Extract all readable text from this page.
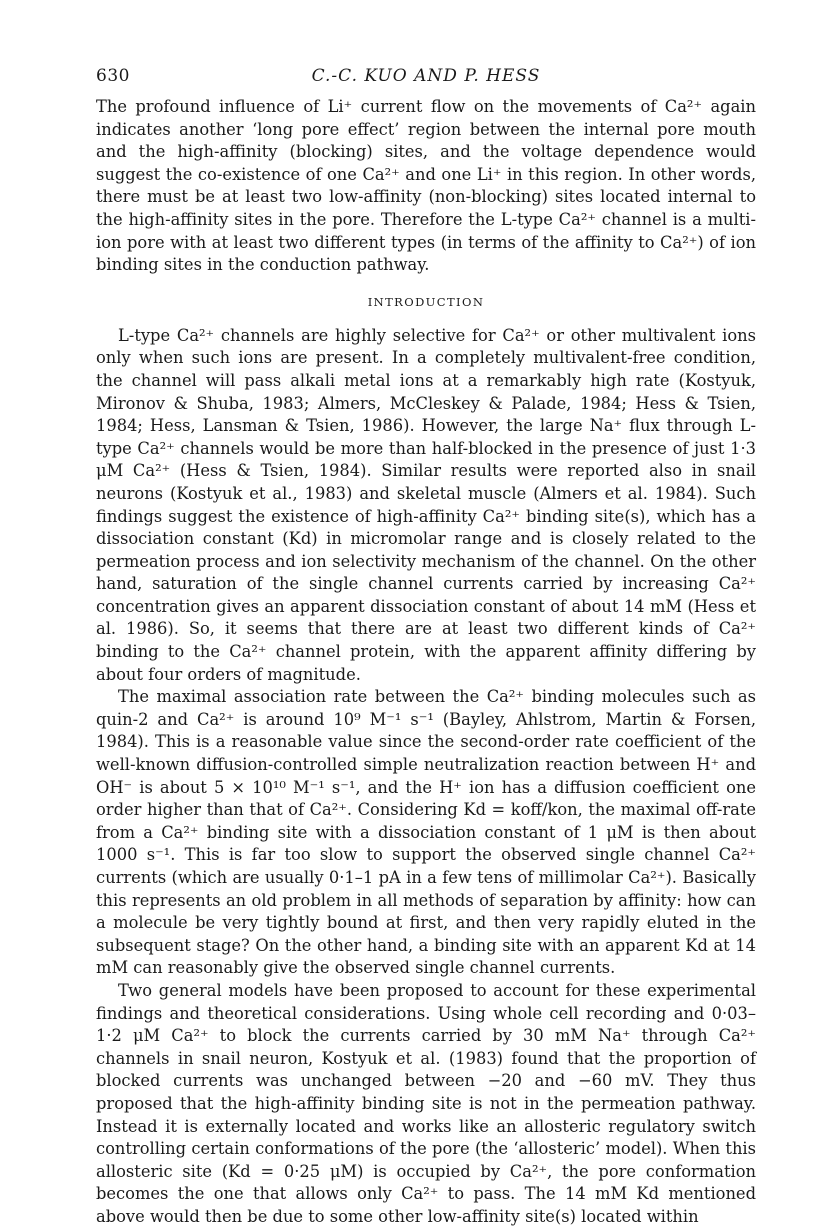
630	C.-C. KUO AND P. HESS

The profound influence of Li⁺ current flow on the movements of Ca²⁺ again indicates another ‘long pore effect’ region between the internal pore mouth and the high-affinity (blocking) sites, and the voltage dependence would suggest the co-existence of one Ca²⁺ and one Li⁺ in this region. In other words, there must be at least two low-affinity (non-blocking) sites located internal to the high-affinity sites in the pore. Therefore the L-type Ca²⁺ channel is a multi-ion pore with at least two different types (in terms of the affinity to Ca²⁺) of ion binding sites in the conduction pathway.

INTRODUCTION

L-type Ca²⁺ channels are highly selective for Ca²⁺ or other multivalent ions only when such ions are present. In a completely multivalent-free condition, the channel will pass alkali metal ions at a remarkably high rate (Kostyuk, Mironov & Shuba, 1983; Almers, McCleskey & Palade, 1984; Hess & Tsien, 1984; Hess, Lansman & Tsien, 1986). However, the large Na⁺ flux through L-type Ca²⁺ channels would be more than half-blocked in the presence of just 1·3 μM Ca²⁺ (Hess & Tsien, 1984). Similar results were reported also in snail neurons (Kostyuk et al., 1983) and skeletal muscle (Almers et al. 1984). Such findings suggest the existence of high-affinity Ca²⁺ binding site(s), which has a dissociation constant (Kd) in micromolar range and is closely related to the permeation process and ion selectivity mechanism of the channel. On the other hand, saturation of the single channel currents carried by increasing Ca²⁺ concentration gives an apparent dissociation constant of about 14 mM (Hess et al. 1986). So, it seems that there are at least two different kinds of Ca²⁺ binding to the Ca²⁺ channel protein, with the apparent affinity differing by about four orders of magnitude.

The maximal association rate between the Ca²⁺ binding molecules such as quin-2 and Ca²⁺ is around 10⁹ M⁻¹ s⁻¹ (Bayley, Ahlstrom, Martin & Forsen, 1984). This is a reasonable value since the second-order rate coefficient of the well-known diffusion-controlled simple neutralization reaction between H⁺ and OH⁻ is about 5 × 10¹⁰ M⁻¹ s⁻¹, and the H⁺ ion has a diffusion coefficient one order higher than that of Ca²⁺. Considering Kd = koff/kon, the maximal off-rate from a Ca²⁺ binding site with a dissociation constant of 1 μM is then about 1000 s⁻¹. This is far too slow to support the observed single channel Ca²⁺ currents (which are usually 0·1–1 pA in a few tens of millimolar Ca²⁺). Basically this represents an old problem in all methods of separation by affinity: how can a molecule be very tightly bound at first, and then very rapidly eluted in the subsequent stage? On the other hand, a binding site with an apparent Kd at 14 mM can reasonably give the observed single channel currents.

Two general models have been proposed to account for these experimental findings and theoretical considerations. Using whole cell recording and 0·03–1·2 μM Ca²⁺ to block the currents carried by 30 mM Na⁺ through Ca²⁺ channels in snail neuron, Kostyuk et al. (1983) found that the proportion of blocked currents was unchanged between −20 and −60 mV. They thus proposed that the high-affinity binding site is not in the permeation pathway. Instead it is externally located and works like an allosteric regulatory switch controlling certain conformations of the pore (the ‘allosteric’ model). When this allosteric site (Kd = 0·25 μM) is occupied by Ca²⁺, the pore conformation becomes the one that allows only Ca²⁺ to pass. The 14 mM Kd mentioned above would then be due to some other low-affinity site(s) located within
